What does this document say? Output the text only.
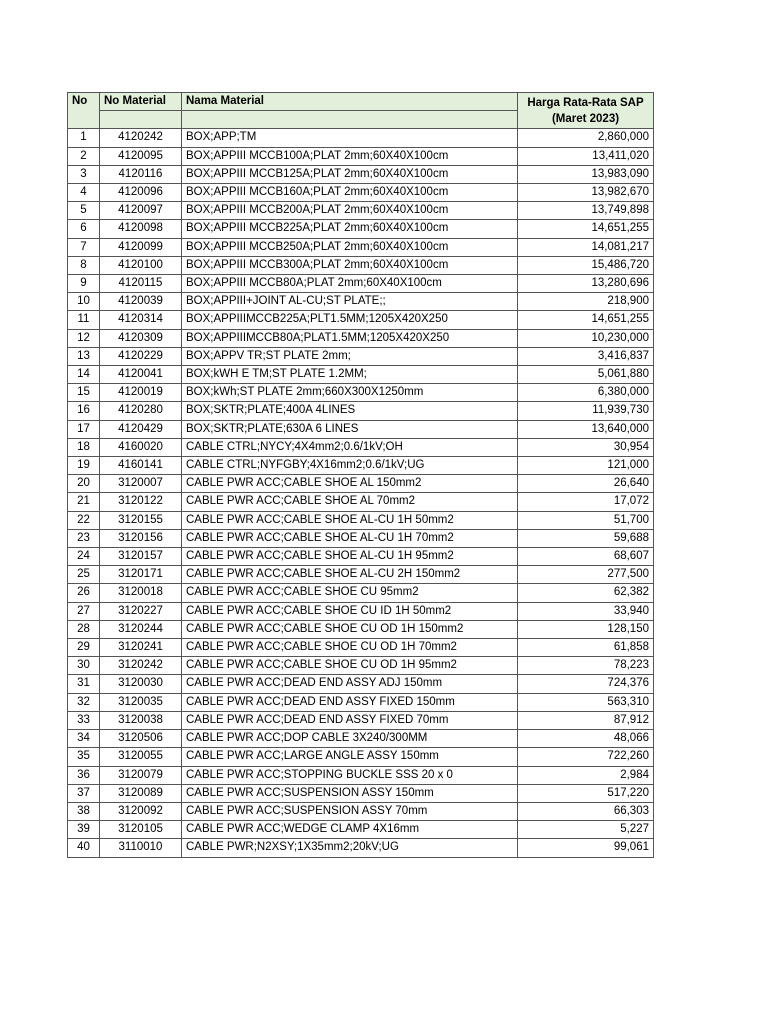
No	No Material	Nama Material	Harga Rata-Rata SAP
(Maret 2023)

1	4120242	BOX;APP;TM	2,860,000
2	4120095	BOX;APPIII MCCB100A;PLAT 2mm;60X40X100cm	13,411,020
3	4120116	BOX;APPIII MCCB125A;PLAT 2mm;60X40X100cm	13,983,090
4	4120096	BOX;APPIII MCCB160A;PLAT 2mm;60X40X100cm	13,982,670
5	4120097	BOX;APPIII MCCB200A;PLAT 2mm;60X40X100cm	13,749,898
6	4120098	BOX;APPIII MCCB225A;PLAT 2mm;60X40X100cm	14,651,255
7	4120099	BOX;APPIII MCCB250A;PLAT 2mm;60X40X100cm	14,081,217
8	4120100	BOX;APPIII MCCB300A;PLAT 2mm;60X40X100cm	15,486,720
9	4120115	BOX;APPIII MCCB80A;PLAT 2mm;60X40X100cm	13,280,696
10	4120039	BOX;APPIII+JOINT AL-CU;ST PLATE;;	218,900
11	4120314	BOX;APPIIIMCCB225A;PLT1.5MM;1205X420X250	14,651,255
12	4120309	BOX;APPIIIMCCB80A;PLAT1.5MM;1205X420X250	10,230,000
13	4120229	BOX;APPV TR;ST PLATE 2mm;	3,416,837
14	4120041	BOX;kWH E TM;ST PLATE 1.2MM;	5,061,880
15	4120019	BOX;kWh;ST PLATE 2mm;660X300X1250mm	6,380,000
16	4120280	BOX;SKTR;PLATE;400A 4LINES	11,939,730
17	4120429	BOX;SKTR;PLATE;630A 6 LINES	13,640,000
18	4160020	CABLE CTRL;NYCY;4X4mm2;0.6/1kV;OH	30,954
19	4160141	CABLE CTRL;NYFGBY;4X16mm2;0.6/1kV;UG	121,000
20	3120007	CABLE PWR ACC;CABLE SHOE AL 150mm2	26,640
21	3120122	CABLE PWR ACC;CABLE SHOE AL 70mm2	17,072
22	3120155	CABLE PWR ACC;CABLE SHOE AL-CU 1H 50mm2	51,700
23	3120156	CABLE PWR ACC;CABLE SHOE AL-CU 1H 70mm2	59,688
24	3120157	CABLE PWR ACC;CABLE SHOE AL-CU 1H 95mm2	68,607
25	3120171	CABLE PWR ACC;CABLE SHOE AL-CU 2H 150mm2	277,500
26	3120018	CABLE PWR ACC;CABLE SHOE CU 95mm2	62,382
27	3120227	CABLE PWR ACC;CABLE SHOE CU ID 1H 50mm2	33,940
28	3120244	CABLE PWR ACC;CABLE SHOE CU OD 1H 150mm2	128,150
29	3120241	CABLE PWR ACC;CABLE SHOE CU OD 1H 70mm2	61,858
30	3120242	CABLE PWR ACC;CABLE SHOE CU OD 1H 95mm2	78,223
31	3120030	CABLE PWR ACC;DEAD END ASSY ADJ 150mm	724,376
32	3120035	CABLE PWR ACC;DEAD END ASSY FIXED 150mm	563,310
33	3120038	CABLE PWR ACC;DEAD END ASSY FIXED 70mm	87,912
34	3120506	CABLE PWR ACC;DOP CABLE 3X240/300MM	48,066
35	3120055	CABLE PWR ACC;LARGE ANGLE ASSY 150mm	722,260
36	3120079	CABLE PWR ACC;STOPPING BUCKLE SSS 20 x 0	2,984
37	3120089	CABLE PWR ACC;SUSPENSION ASSY 150mm	517,220
38	3120092	CABLE PWR ACC;SUSPENSION ASSY 70mm	66,303
39	3120105	CABLE PWR ACC;WEDGE CLAMP 4X16mm	5,227
40	3110010	CABLE PWR;N2XSY;1X35mm2;20kV;UG	99,061
